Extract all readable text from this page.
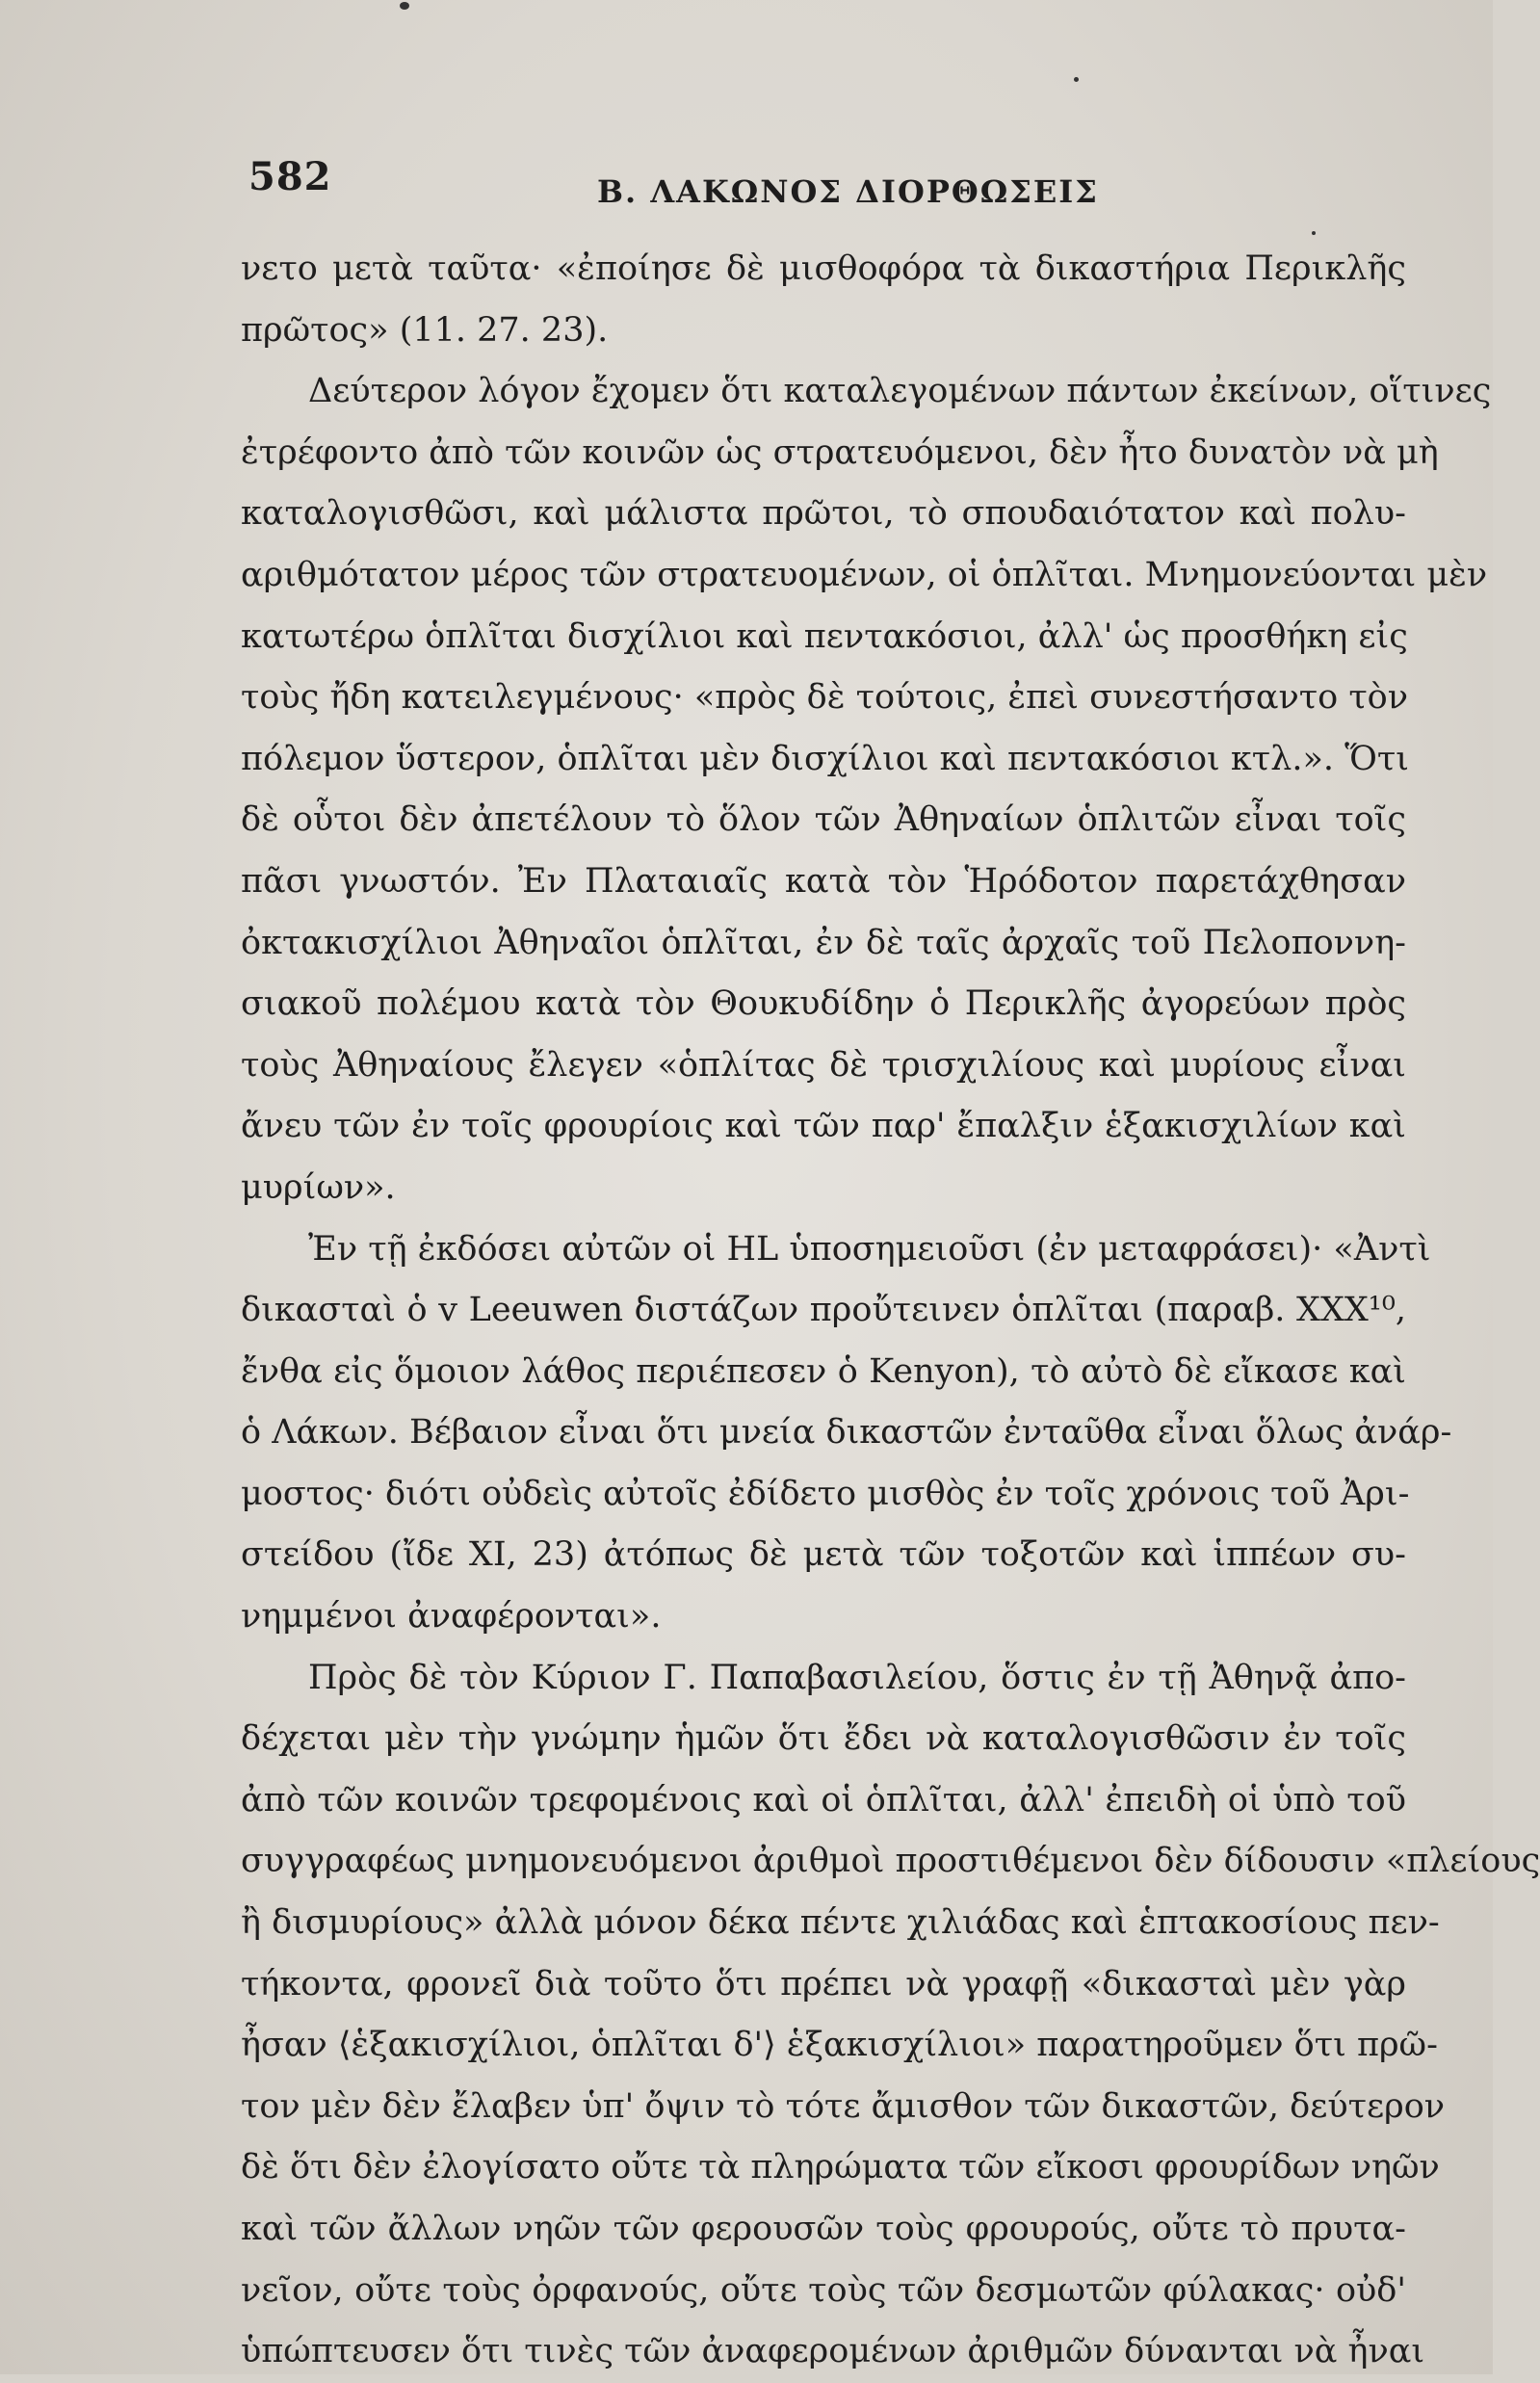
582	Β. ΛΑΚΩΝΟΣ ΔΙΟΡΘΩΣΕΙΣ
νετο μετὰ ταῦτα· «ἐποίησε δὲ μισθοφόρα τὰ δικαστήρια Περικλῆς
πρῶτος» (11. 27. 23).
Δεύτερον λόγον ἔχομεν ὅτι καταλεγομένων πάντων ἐκείνων, οἵτινες
ἐτρέφοντο ἀπὸ τῶν κοινῶν ὡς στρατευόμενοι, δὲν ἦτο δυνατὸν νὰ μὴ
καταλογισθῶσι, καὶ μάλιστα πρῶτοι, τὸ σπουδαιότατον καὶ πολυ-
αριθμότατον μέρος τῶν στρατευομένων, οἱ ὁπλῖται. Μνημονεύονται μὲν
κατωτέρω ὁπλῖται δισχίλιοι καὶ πεντακόσιοι, ἀλλ' ὡς προσθήκη εἰς
τοὺς ἤδη κατειλεγμένους· «πρὸς δὲ τούτοις, ἐπεὶ συνεστήσαντο τὸν
πόλεμον ὕστερον, ὁπλῖται μὲν δισχίλιοι καὶ πεντακόσιοι κτλ.». Ὅτι
δὲ οὗτοι δὲν ἀπετέλουν τὸ ὅλον τῶν Ἀθηναίων ὁπλιτῶν εἶναι τοῖς
πᾶσι γνωστόν. Ἐν Πλαταιαῖς κατὰ τὸν Ἡρόδοτον παρετάχθησαν
ὀκτακισχίλιοι Ἀθηναῖοι ὁπλῖται, ἐν δὲ ταῖς ἀρχαῖς τοῦ Πελοποννη-
σιακοῦ πολέμου κατὰ τὸν Θουκυδίδην ὁ Περικλῆς ἀγορεύων πρὸς
τοὺς Ἀθηναίους ἔλεγεν «ὁπλίτας δὲ τρισχιλίους καὶ μυρίους εἶναι
ἄνευ τῶν ἐν τοῖς φρουρίοις καὶ τῶν παρ' ἔπαλξιν ἑξακισχιλίων καὶ
μυρίων».
Ἐν τῇ ἐκδόσει αὐτῶν οἱ HL ὑποσημειοῦσι (ἐν μεταφράσει)· «Ἀντὶ
δικασταὶ ὁ v Leeuwen διστάζων προὔτεινεν ὁπλῖται (παραβ. XXX¹⁰,
ἔνθα εἰς ὅμοιον λάθος περιέπεσεν ὁ Kenyon), τὸ αὐτὸ δὲ εἴκασε καὶ
ὁ Λάκων. Βέβαιον εἶναι ὅτι μνεία δικαστῶν ἐνταῦθα εἶναι ὅλως ἀνάρ-
μοστος· διότι οὐδεὶς αὐτοῖς ἐδίδετο μισθὸς ἐν τοῖς χρόνοις τοῦ Ἀρι-
στείδου (ἴδε XI, 23) ἀτόπως δὲ μετὰ τῶν τοξοτῶν καὶ ἱππέων συ-
νημμένοι ἀναφέρονται».
Πρὸς δὲ τὸν Κύριον Γ. Παπαβασιλείου, ὅστις ἐν τῇ Ἀθηνᾷ ἀπο-
δέχεται μὲν τὴν γνώμην ἡμῶν ὅτι ἔδει νὰ καταλογισθῶσιν ἐν τοῖς
ἀπὸ τῶν κοινῶν τρεφομένοις καὶ οἱ ὁπλῖται, ἀλλ' ἐπειδὴ οἱ ὑπὸ τοῦ
συγγραφέως μνημονευόμενοι ἀριθμοὶ προστιθέμενοι δὲν δίδουσιν «πλείους
ἢ δισμυρίους» ἀλλὰ μόνον δέκα πέντε χιλιάδας καὶ ἑπτακοσίους πεν-
τήκοντα, φρονεῖ διὰ τοῦτο ὅτι πρέπει νὰ γραφῇ «δικασταὶ μὲν γὰρ
ἦσαν ⟨ἑξακισχίλιοι, ὁπλῖται δ'⟩ ἑξακισχίλιοι» παρατηροῦμεν ὅτι πρῶ-
τον μὲν δὲν ἔλαβεν ὑπ' ὄψιν τὸ τότε ἄμισθον τῶν δικαστῶν, δεύτερον
δὲ ὅτι δὲν ἐλογίσατο οὔτε τὰ πληρώματα τῶν εἴκοσι φρουρίδων νηῶν
καὶ τῶν ἄλλων νηῶν τῶν φερουσῶν τοὺς φρουρούς, οὔτε τὸ πρυτα-
νεῖον, οὔτε τοὺς ὀρφανούς, οὔτε τοὺς τῶν δεσμωτῶν φύλακας· οὐδ'
ὑπώπτευσεν ὅτι τινὲς τῶν ἀναφερομένων ἀριθμῶν δύνανται νὰ ἦναι
